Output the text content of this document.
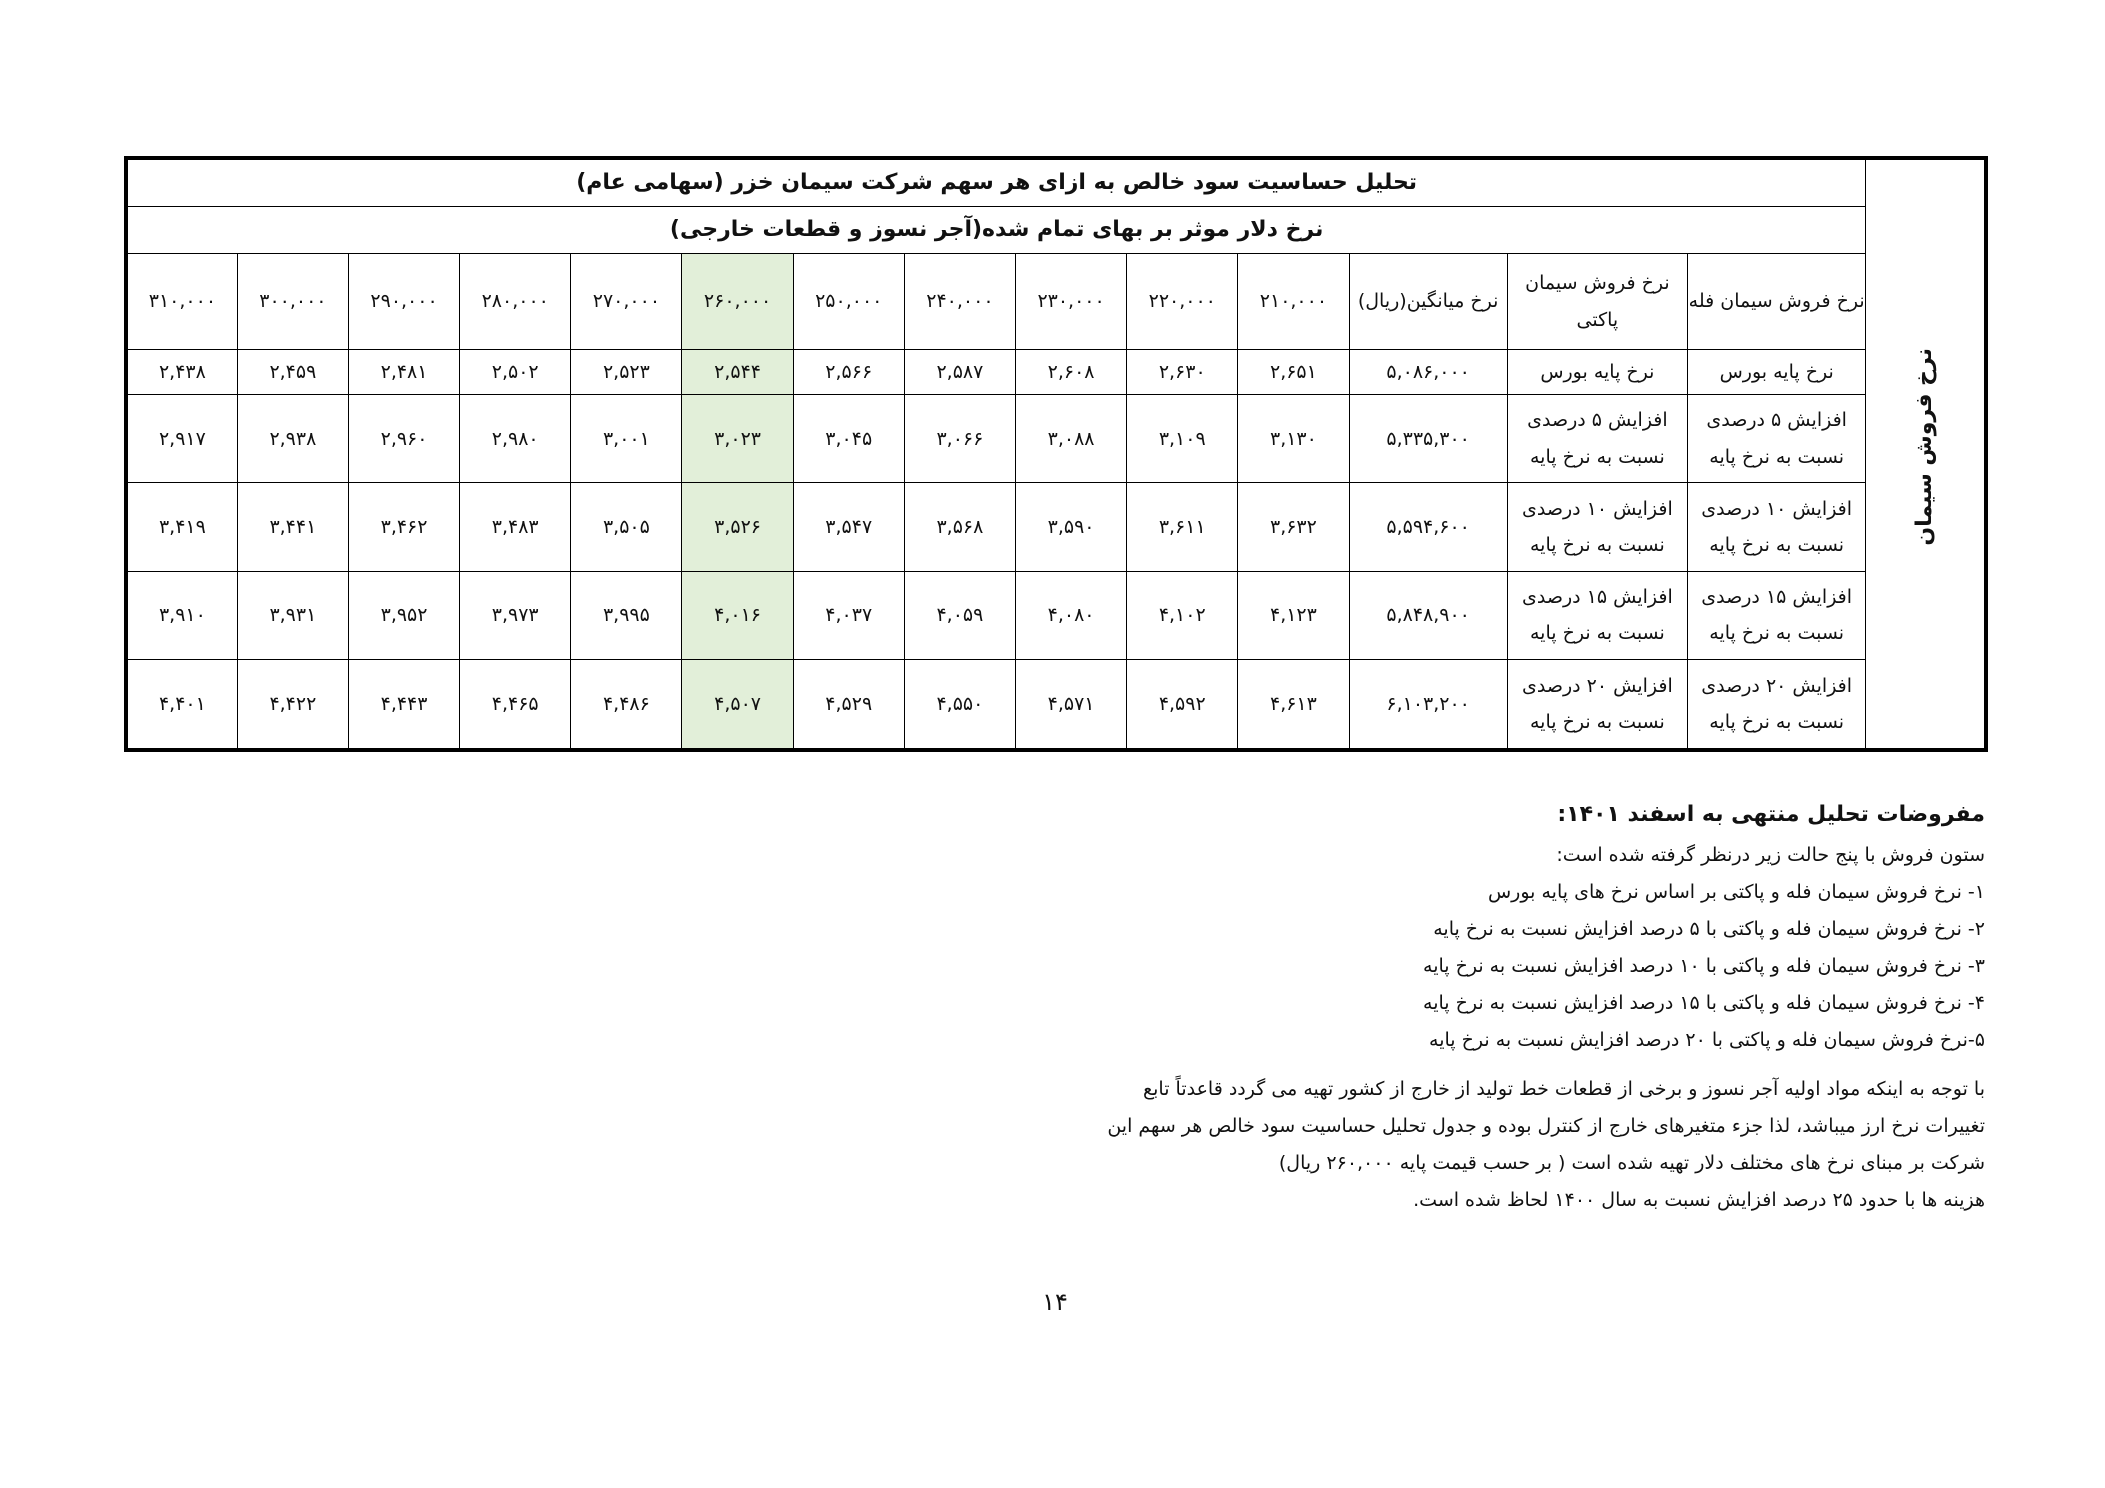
نرخ فروش سیمان	تحلیل حساسیت سود خالص به ازای هر سهم شرکت سیمان خزر (سهامی عام)													
	نرخ دلار موثر بر بهای تمام شده(آجر نسوز و قطعات خارجی)													
	نرخ فروش سیمان فله	نرخ فروش سیمان پاکتی	نرخ میانگین(ریال)	۲۱۰,۰۰۰	۲۲۰,۰۰۰	۲۳۰,۰۰۰	۲۴۰,۰۰۰	۲۵۰,۰۰۰	۲۶۰,۰۰۰	۲۷۰,۰۰۰	۲۸۰,۰۰۰	۲۹۰,۰۰۰	۳۰۰,۰۰۰	۳۱۰,۰۰۰
	نرخ پایه بورس	نرخ پایه بورس	۵,۰۸۶,۰۰۰	۲,۶۵۱	۲,۶۳۰	۲,۶۰۸	۲,۵۸۷	۲,۵۶۶	۲,۵۴۴	۲,۵۲۳	۲,۵۰۲	۲,۴۸۱	۲,۴۵۹	۲,۴۳۸
	افزایش ۵ درصدی نسبت به نرخ پایه	افزایش ۵ درصدی نسبت به نرخ پایه	۵,۳۳۵,۳۰۰	۳,۱۳۰	۳,۱۰۹	۳,۰۸۸	۳,۰۶۶	۳,۰۴۵	۳,۰۲۳	۳,۰۰۱	۲,۹۸۰	۲,۹۶۰	۲,۹۳۸	۲,۹۱۷
	افزایش ۱۰ درصدی نسبت به نرخ پایه	افزایش ۱۰ درصدی نسبت به نرخ پایه	۵,۵۹۴,۶۰۰	۳,۶۳۲	۳,۶۱۱	۳,۵۹۰	۳,۵۶۸	۳,۵۴۷	۳,۵۲۶	۳,۵۰۵	۳,۴۸۳	۳,۴۶۲	۳,۴۴۱	۳,۴۱۹
	افزایش ۱۵ درصدی نسبت به نرخ پایه	افزایش ۱۵ درصدی نسبت به نرخ پایه	۵,۸۴۸,۹۰۰	۴,۱۲۳	۴,۱۰۲	۴,۰۸۰	۴,۰۵۹	۴,۰۳۷	۴,۰۱۶	۳,۹۹۵	۳,۹۷۳	۳,۹۵۲	۳,۹۳۱	۳,۹۱۰
	افزایش ۲۰ درصدی نسبت به نرخ پایه	افزایش ۲۰ درصدی نسبت به نرخ پایه	۶,۱۰۳,۲۰۰	۴,۶۱۳	۴,۵۹۲	۴,۵۷۱	۴,۵۵۰	۴,۵۲۹	۴,۵۰۷	۴,۴۸۶	۴,۴۶۵	۴,۴۴۳	۴,۴۲۲	۴,۴۰۱
مفروضات تحلیل منتهی به اسفند ۱۴۰۱:
ستون فروش با پنج حالت زیر درنظر گرفته شده است:
۱- نرخ فروش سیمان فله و پاکتی بر اساس نرخ های پایه بورس
۲- نرخ فروش سیمان فله و پاکتی با ۵ درصد افزایش نسبت به نرخ پایه
۳- نرخ فروش سیمان فله و پاکتی با ۱۰ درصد افزایش نسبت به نرخ پایه
۴- نرخ فروش سیمان فله و پاکتی با ۱۵ درصد افزایش نسبت به نرخ پایه
۵-نرخ فروش سیمان فله و پاکتی با ۲۰ درصد افزایش نسبت به نرخ پایه
با توجه به اینکه مواد اولیه آجر نسوز و برخی از قطعات خط تولید از خارج از کشور تهیه می گردد قاعدتاً تابع
تغییرات نرخ ارز میباشد، لذا جزء متغیرهای خارج از کنترل بوده و جدول تحلیل حساسیت سود خالص هر سهم این
شرکت بر مبنای نرخ های مختلف دلار تهیه شده است ( بر حسب قیمت پایه ۲۶۰,۰۰۰ ریال)
هزینه ها با حدود ۲۵ درصد افزایش نسبت به سال ۱۴۰۰ لحاظ شده است.
۱۴
